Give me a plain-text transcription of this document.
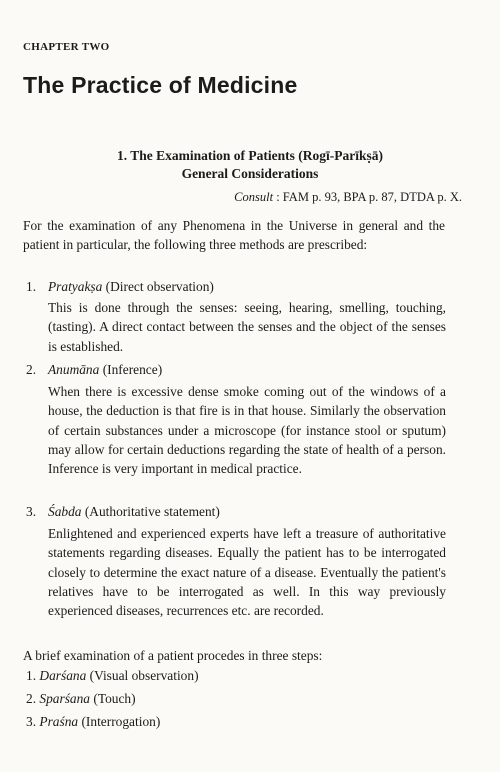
CHAPTER TWO
The Practice of Medicine
1. The Examination of Patients (Rogī-Parīkṣā)
General Considerations
Consult : FAM p. 93, BPA p. 87, DTDA p. X.
For the examination of any Phenomena in the Universe in general and the patient in particular, the following three methods are prescribed:
1. Pratyakṣa (Direct observation)
This is done through the senses: seeing, hearing, smelling, touching, (tasting). A direct contact between the senses and the object of the senses is established.
2. Anumāna (Inference)
When there is excessive dense smoke coming out of the windows of a house, the deduction is that fire is in that house. Similarly the observation of certain substances under a microscope (for instance stool or sputum) may allow for certain deductions regarding the state of health of a person. Inference is very important in medical practice.
3. Śabda (Authoritative statement)
Enlightened and experienced experts have left a treasure of authoritative statements regarding diseases. Equally the patient has to be interrogated closely to determine the exact nature of a disease. Eventually the patient's relatives have to be interrogated as well. In this way previously experienced diseases, recurrences etc. are recorded.
A brief examination of a patient procedes in three steps:
1. Darśana (Visual observation)
2. Sparśana (Touch)
3. Praśna (Interrogation)
